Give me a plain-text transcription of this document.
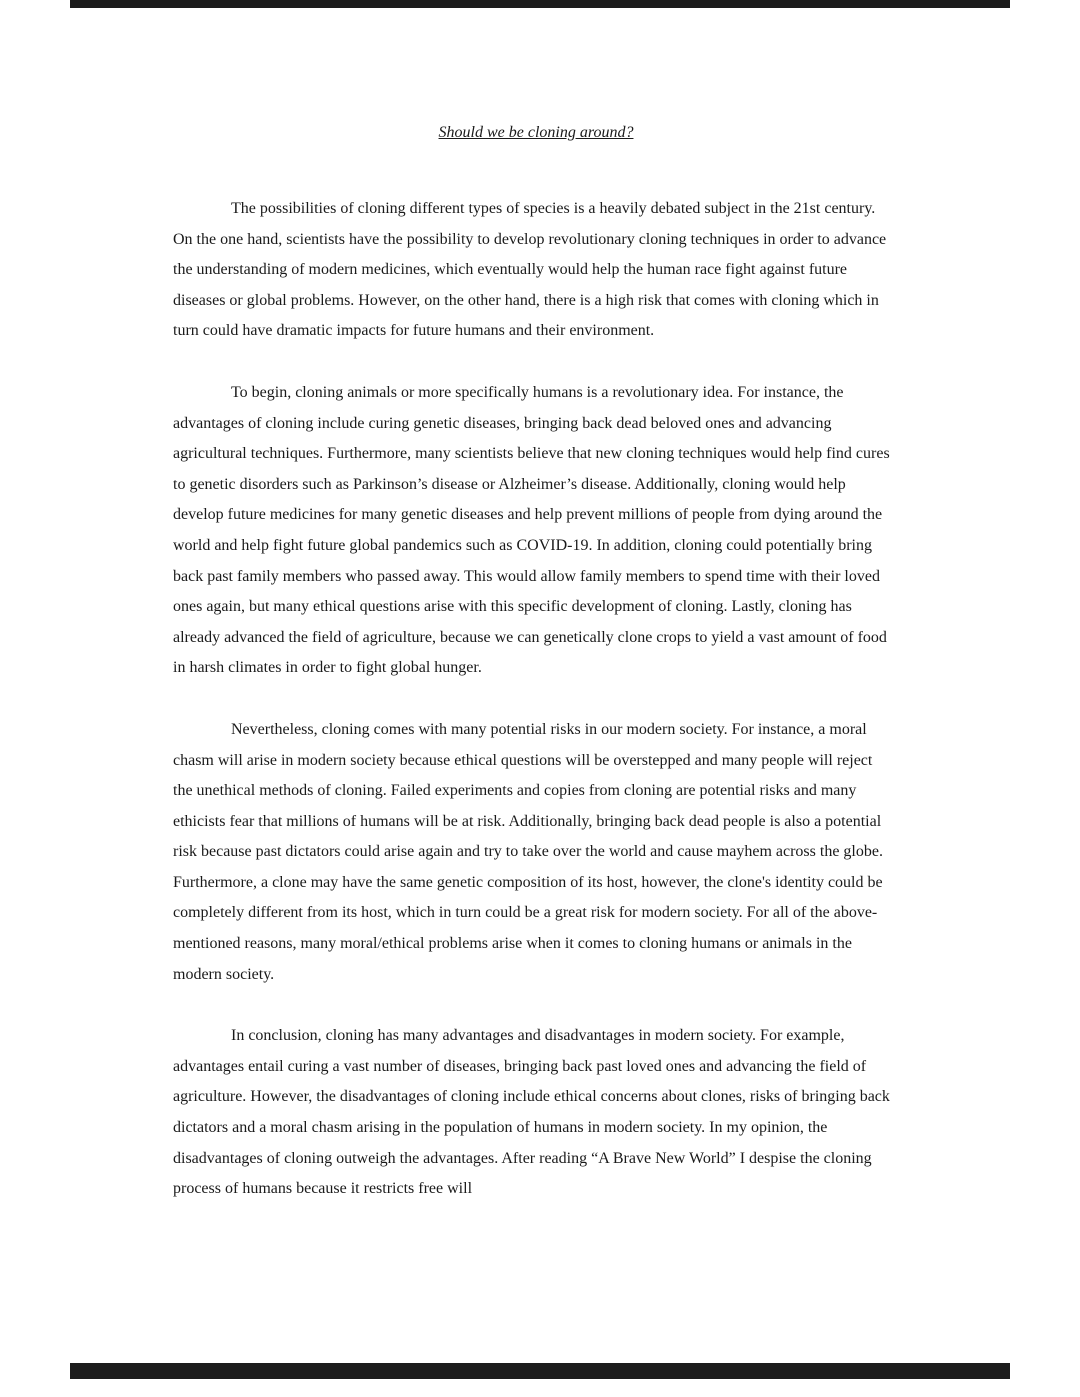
Should we be cloning around?

The possibilities of cloning different types of species is a heavily debated subject in the 21st century. On the one hand, scientists have the possibility to develop revolutionary cloning techniques in order to advance the understanding of modern medicines, which eventually would help the human race fight against future diseases or global problems. However, on the other hand, there is a high risk that comes with cloning which in turn could have dramatic impacts for future humans and their environment.

To begin, cloning animals or more specifically humans is a revolutionary idea. For instance, the advantages of cloning include curing genetic diseases, bringing back dead beloved ones and advancing agricultural techniques. Furthermore, many scientists believe that new cloning techniques would help find cures to genetic disorders such as Parkinson’s disease or Alzheimer’s disease. Additionally, cloning would help develop future medicines for many genetic diseases and help prevent millions of people from dying around the world and help fight future global pandemics such as COVID-19. In addition, cloning could potentially bring back past family members who passed away. This would allow family members to spend time with their loved ones again, but many ethical questions arise with this specific development of cloning. Lastly, cloning has already advanced the field of agriculture, because we can genetically clone crops to yield a vast amount of food in harsh climates in order to fight global hunger.

Nevertheless, cloning comes with many potential risks in our modern society. For instance, a moral chasm will arise in modern society because ethical questions will be overstepped and many people will reject the unethical methods of cloning. Failed experiments and copies from cloning are potential risks and many ethicists fear that millions of humans will be at risk. Additionally, bringing back dead people is also a potential risk because past dictators could arise again and try to take over the world and cause mayhem across the globe. Furthermore, a clone may have the same genetic composition of its host, however, the clone's identity could be completely different from its host, which in turn could be a great risk for modern society. For all of the above-mentioned reasons, many moral/ethical problems arise when it comes to cloning humans or animals in the modern society.

In conclusion, cloning has many advantages and disadvantages in modern society. For example, advantages entail curing a vast number of diseases, bringing back past loved ones and advancing the field of agriculture. However, the disadvantages of cloning include ethical concerns about clones, risks of bringing back dictators and a moral chasm arising in the population of humans in modern society. In my opinion, the disadvantages of cloning outweigh the advantages. After reading “A Brave New World” I despise the cloning process of humans because it restricts free will
